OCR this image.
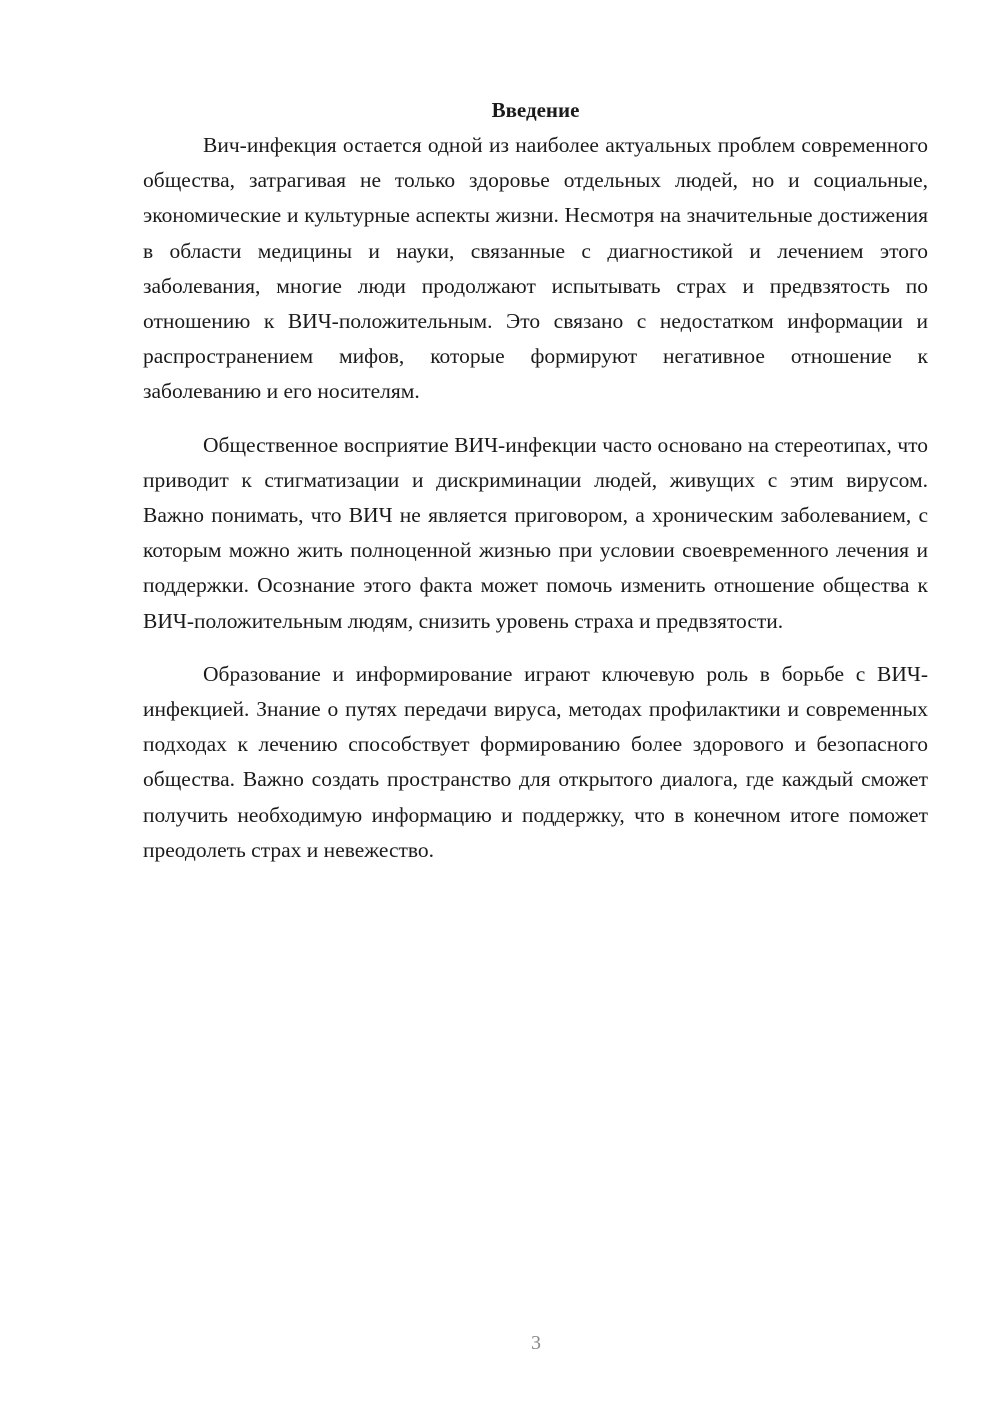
Введение

Вич-инфекция остается одной из наиболее актуальных проблем современного общества, затрагивая не только здоровье отдельных людей, но и социальные, экономические и культурные аспекты жизни. Несмотря на значительные достижения в области медицины и науки, связанные с диагностикой и лечением этого заболевания, многие люди продолжают испытывать страх и предвзятость по отношению к ВИЧ-положительным. Это связано с недостатком информации и распространением мифов, которые формируют негативное отношение к заболеванию и его носителям.

Общественное восприятие ВИЧ-инфекции часто основано на стереотипах, что приводит к стигматизации и дискриминации людей, живущих с этим вирусом. Важно понимать, что ВИЧ не является приговором, а хроническим заболеванием, с которым можно жить полноценной жизнью при условии своевременного лечения и поддержки. Осознание этого факта может помочь изменить отношение общества к ВИЧ-положительным людям, снизить уровень страха и предвзятости.

Образование и информирование играют ключевую роль в борьбе с ВИЧ-инфекцией. Знание о путях передачи вируса, методах профилактики и современных подходах к лечению способствует формированию более здорового и безопасного общества. Важно создать пространство для открытого диалога, где каждый сможет получить необходимую информацию и поддержку, что в конечном итоге поможет преодолеть страх и невежество.

3
